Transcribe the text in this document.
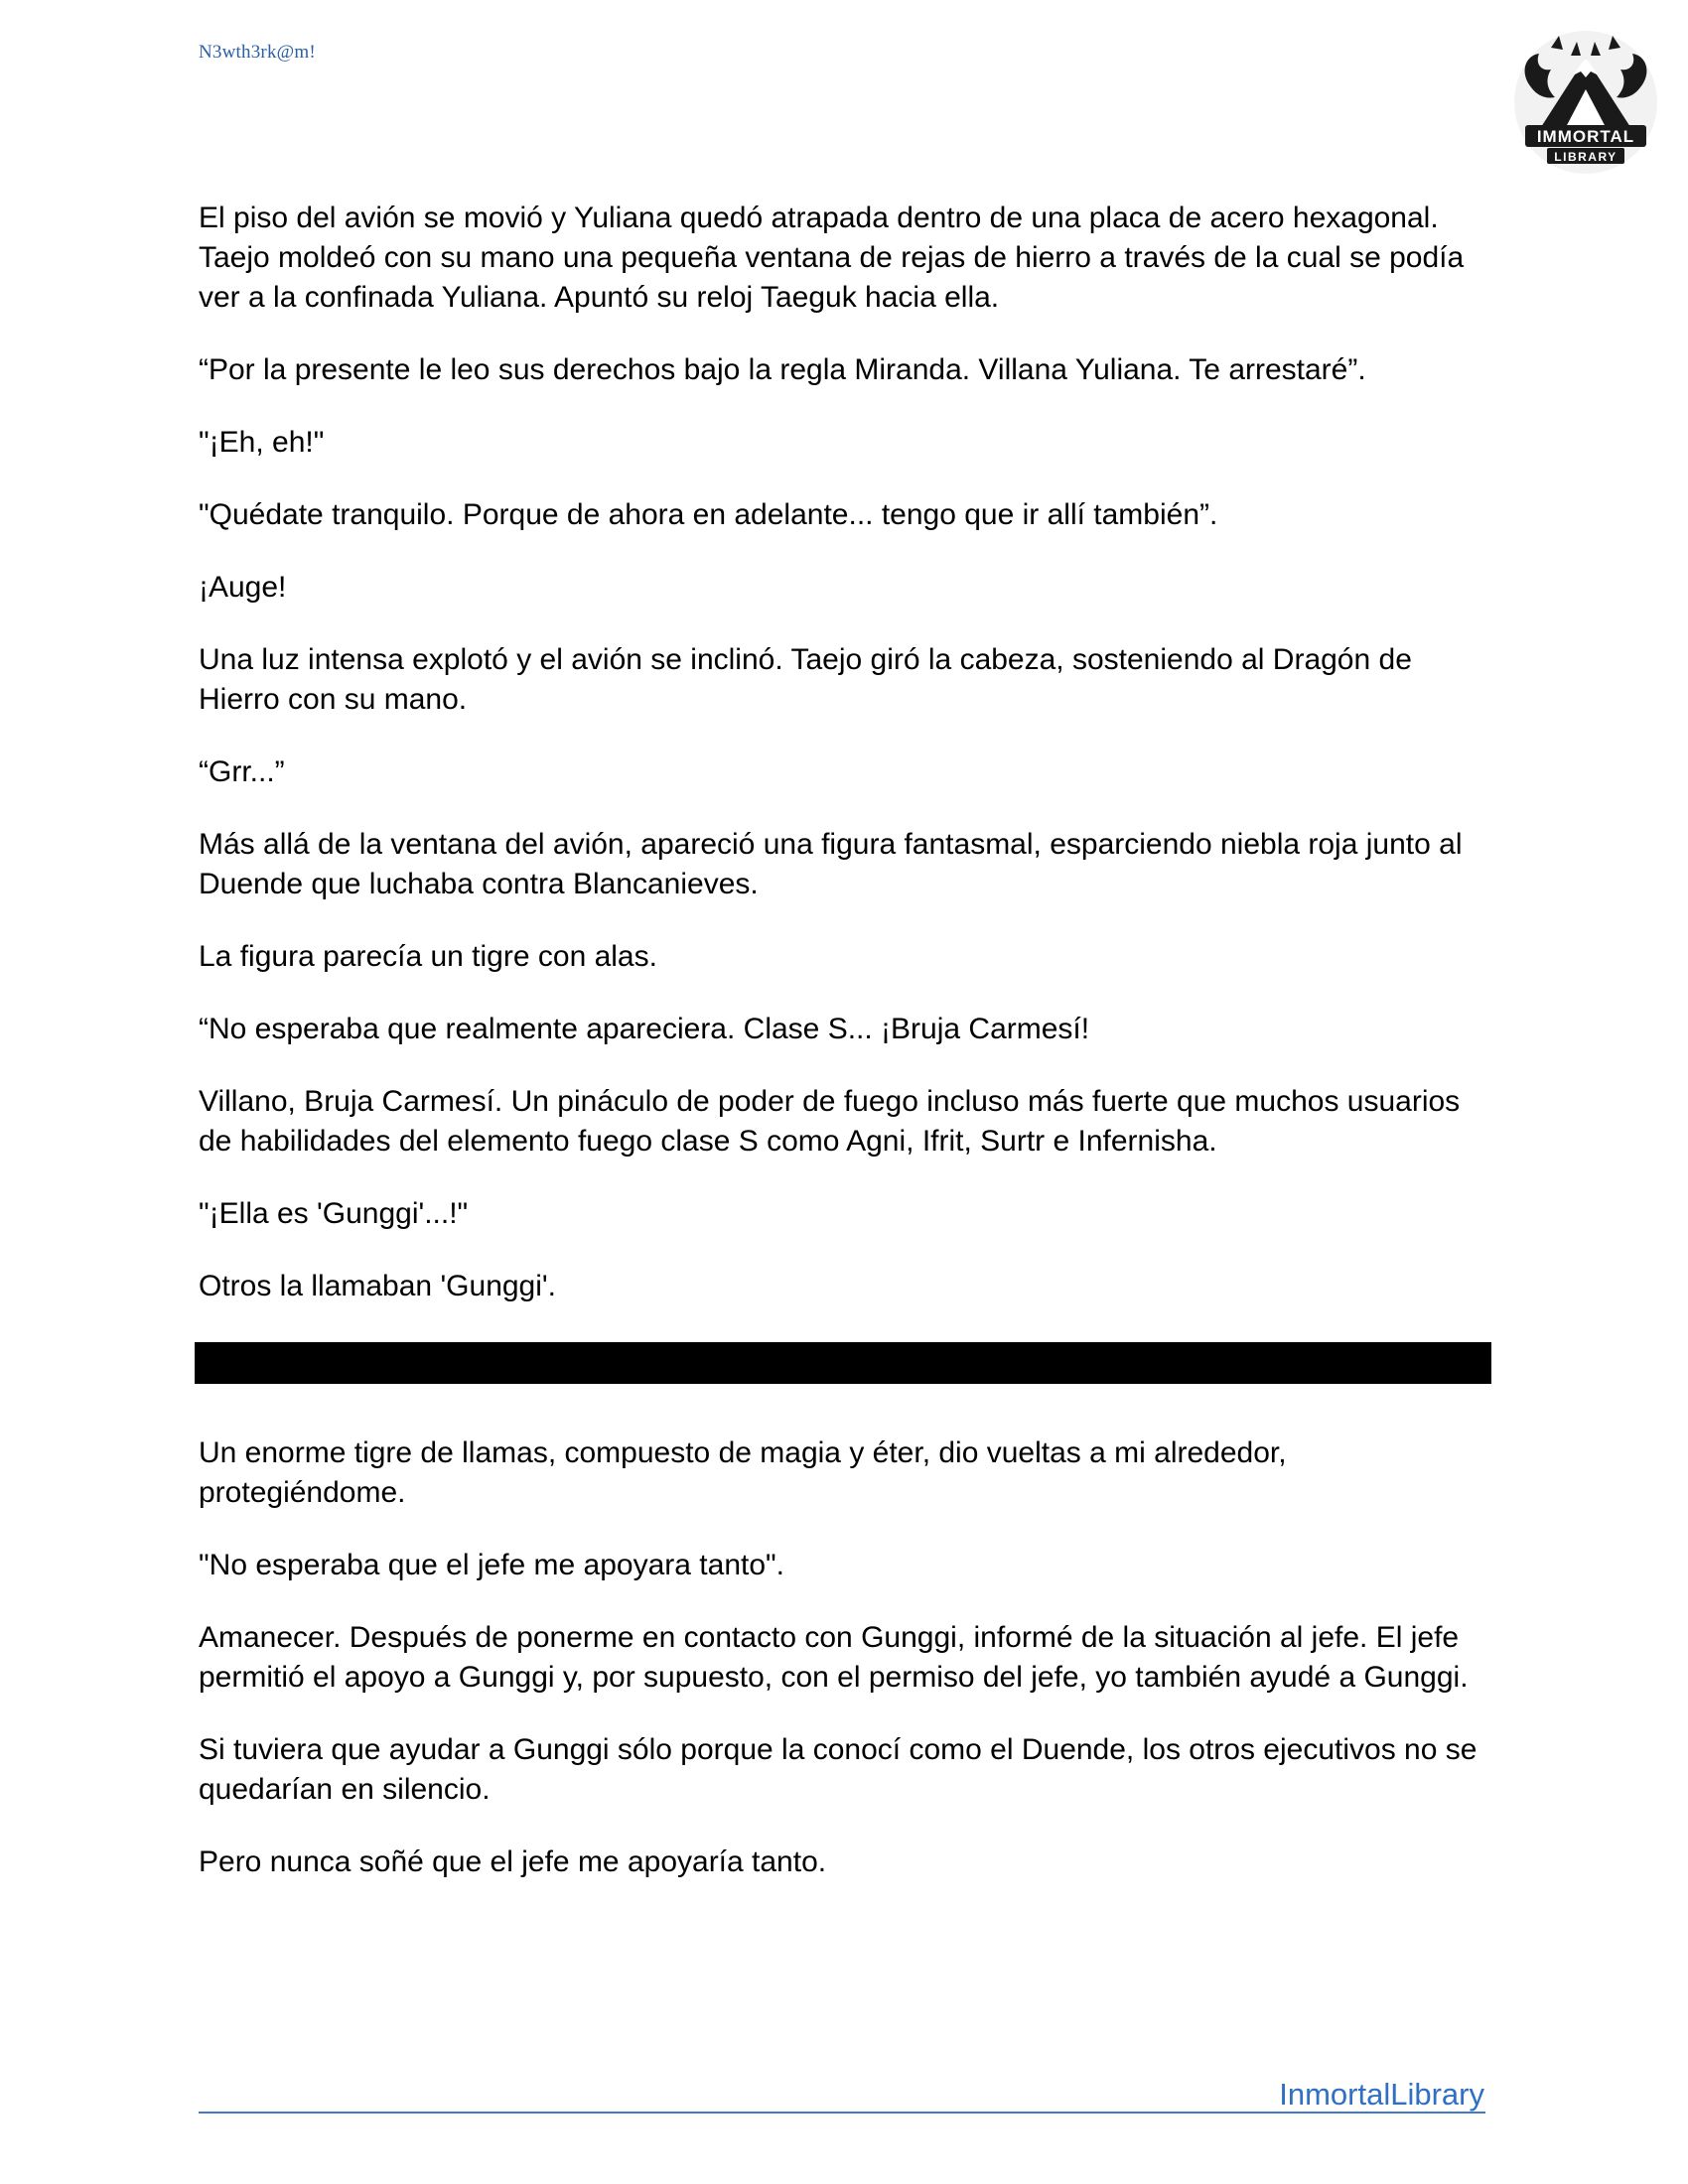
N3wth3rk@m!
IMMORTAL
LIBRARY

El piso del avión se movió y Yuliana quedó atrapada dentro de una placa de acero hexagonal. Taejo moldeó con su mano una pequeña ventana de rejas de hierro a través de la cual se podía ver a la confinada Yuliana. Apuntó su reloj Taeguk hacia ella.

“Por la presente le leo sus derechos bajo la regla Miranda. Villana Yuliana. Te arrestaré”.

"¡Eh, eh!"

"Quédate tranquilo. Porque de ahora en adelante... tengo que ir allí también”.

¡Auge!

Una luz intensa explotó y el avión se inclinó. Taejo giró la cabeza, sosteniendo al Dragón de Hierro con su mano.

“Grr...”

Más allá de la ventana del avión, apareció una figura fantasmal, esparciendo niebla roja junto al Duende que luchaba contra Blancanieves.

La figura parecía un tigre con alas.

“No esperaba que realmente apareciera. Clase S... ¡Bruja Carmesí!

Villano, Bruja Carmesí. Un pináculo de poder de fuego incluso más fuerte que muchos usuarios de habilidades del elemento fuego clase S como Agni, Ifrit, Surtr e Infernisha.

"¡Ella es 'Gunggi'...!"

Otros la llamaban 'Gunggi'.

Un enorme tigre de llamas, compuesto de magia y éter, dio vueltas a mi alrededor, protegiéndome.

"No esperaba que el jefe me apoyara tanto".

Amanecer. Después de ponerme en contacto con Gunggi, informé de la situación al jefe. El jefe permitió el apoyo a Gunggi y, por supuesto, con el permiso del jefe, yo también ayudé a Gunggi.

Si tuviera que ayudar a Gunggi sólo porque la conocí como el Duende, los otros ejecutivos no se quedarían en silencio.

Pero nunca soñé que el jefe me apoyaría tanto.

InmortalLibrary
